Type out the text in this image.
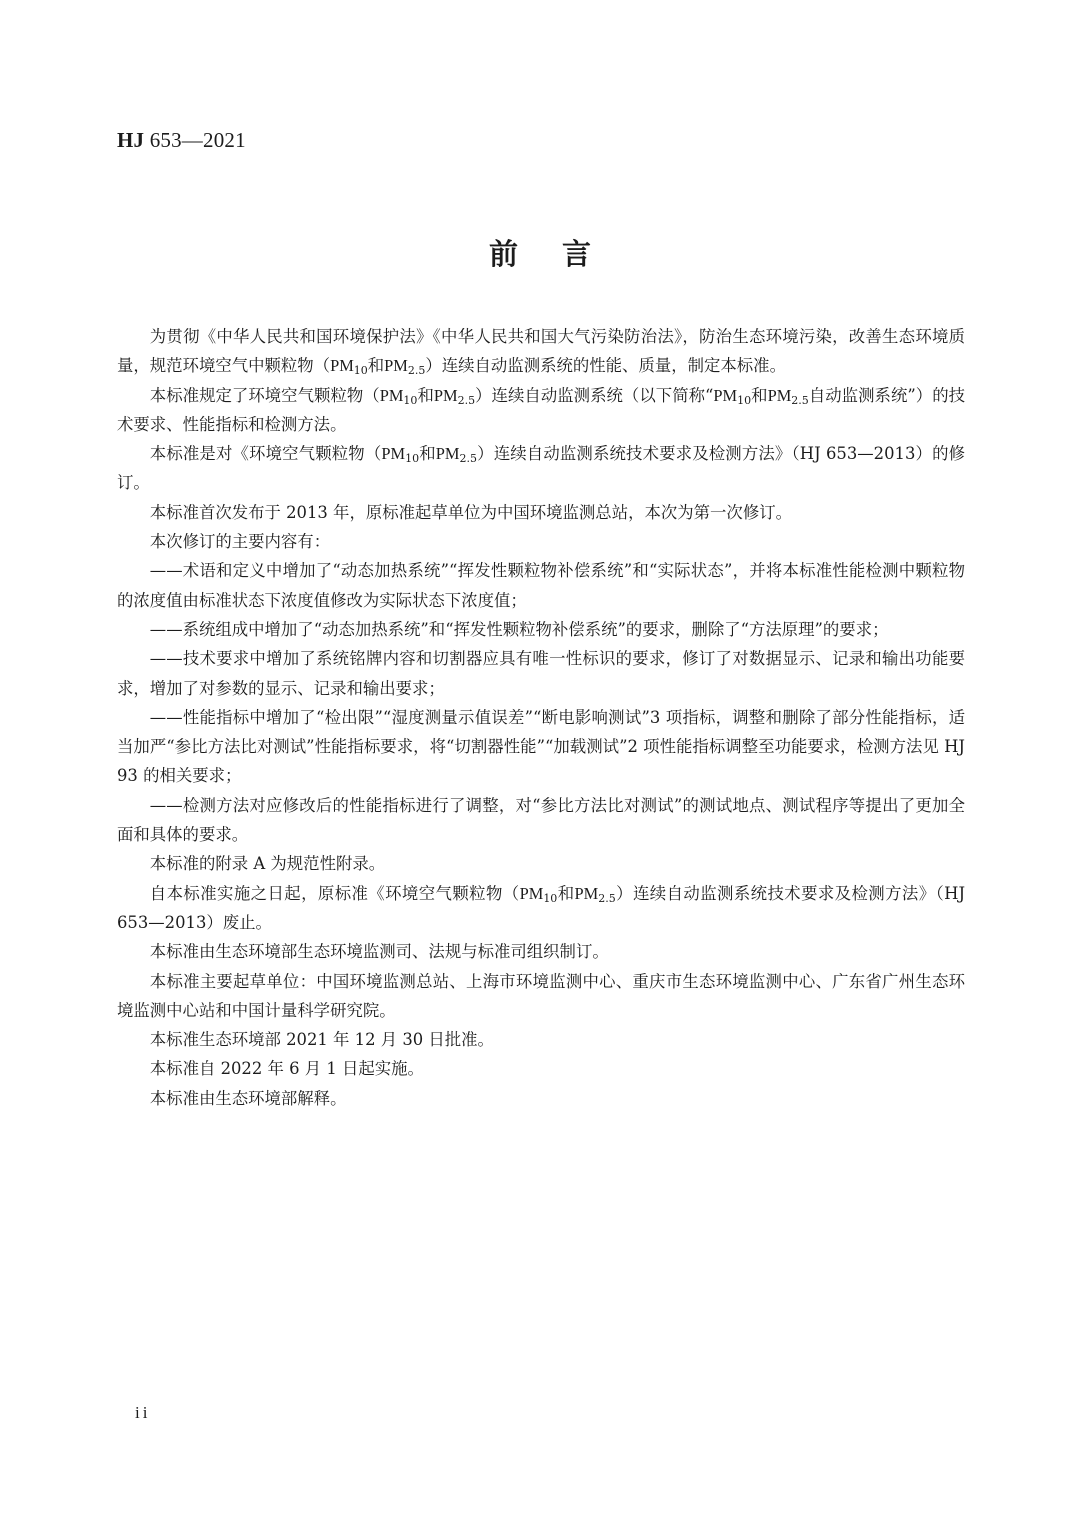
HJ 653—2021
前言

为贯彻《中华人民共和国环境保护法》《中华人民共和国大气污染防治法》，防治生态环境污染，改善生态环境质量，规范环境空气中颗粒物（$PM_{10}$和$PM_{2.5}$）连续自动监测系统的性能、质量，制定本标准。

本标准规定了环境空气颗粒物（$PM_{10}$和$PM_{2.5}$）连续自动监测系统（以下简称“$PM_{10}$和$PM_{2.5}$自动监测系统”）的技术要求、性能指标和检测方法。

本标准是对《环境空气颗粒物（$PM_{10}$和$PM_{2.5}$）连续自动监测系统技术要求及检测方法》（HJ 653—2013）的修订。

本标准首次发布于 2013 年，原标准起草单位为中国环境监测总站，本次为第一次修订。

本次修订的主要内容有：

——术语和定义中增加了“动态加热系统”“挥发性颗粒物补偿系统”和“实际状态”，并将本标准性能检测中颗粒物的浓度值由标准状态下浓度值修改为实际状态下浓度值；

——系统组成中增加了“动态加热系统”和“挥发性颗粒物补偿系统”的要求，删除了“方法原理”的要求；

——技术要求中增加了系统铭牌内容和切割器应具有唯一性标识的要求，修订了对数据显示、记录和输出功能要求，增加了对参数的显示、记录和输出要求；

——性能指标中增加了“检出限”“湿度测量示值误差”“断电影响测试”3 项指标，调整和删除了部分性能指标，适当加严“参比方法比对测试”性能指标要求，将“切割器性能”“加载测试”2 项性能指标调整至功能要求，检测方法见 HJ 93 的相关要求；

——检测方法对应修改后的性能指标进行了调整，对“参比方法比对测试”的测试地点、测试程序等提出了更加全面和具体的要求。

本标准的附录 A 为规范性附录。

自本标准实施之日起，原标准《环境空气颗粒物（$PM_{10}$和$PM_{2.5}$）连续自动监测系统技术要求及检测方法》（HJ 653—2013）废止。

本标准由生态环境部生态环境监测司、法规与标准司组织制订。

本标准主要起草单位：中国环境监测总站、上海市环境监测中心、重庆市生态环境监测中心、广东省广州生态环境监测中心站和中国计量科学研究院。

本标准生态环境部 2021 年 12 月 30 日批准。

本标准自 2022 年 6 月 1 日起实施。

本标准由生态环境部解释。

ii
